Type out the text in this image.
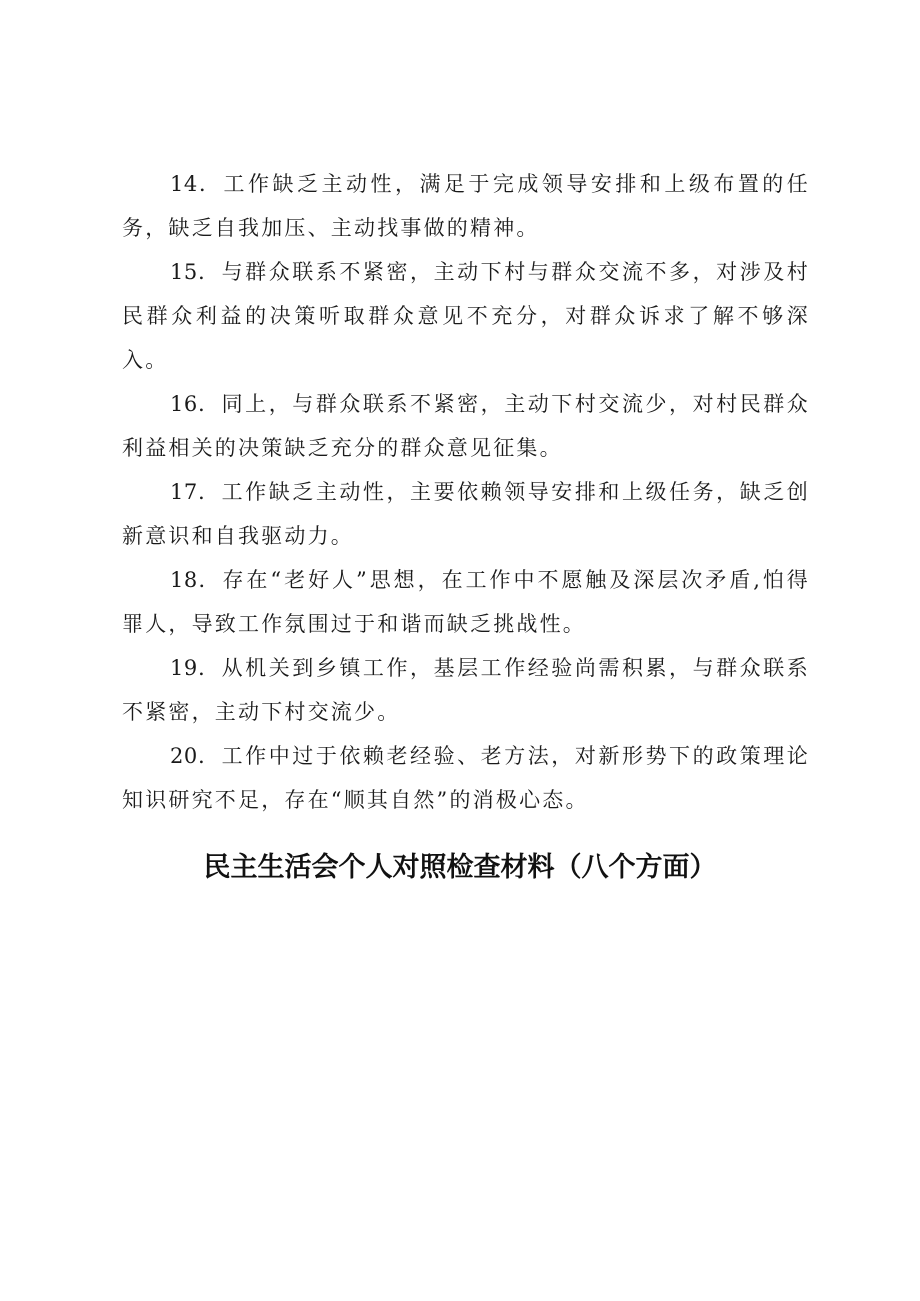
14．工作缺乏主动性，满足于完成领导安排和上级布置的任务，缺乏自我加压、主动找事做的精神。

15．与群众联系不紧密，主动下村与群众交流不多，对涉及村民群众利益的决策听取群众意见不充分，对群众诉求了解不够深入。

16．同上，与群众联系不紧密，主动下村交流少，对村民群众利益相关的决策缺乏充分的群众意见征集。

17．工作缺乏主动性，主要依赖领导安排和上级任务，缺乏创新意识和自我驱动力。

18．存在“老好人”思想，在工作中不愿触及深层次矛盾,怕得罪人，导致工作氛围过于和谐而缺乏挑战性。

19．从机关到乡镇工作，基层工作经验尚需积累，与群众联系不紧密，主动下村交流少。

20．工作中过于依赖老经验、老方法，对新形势下的政策理论知识研究不足，存在“顺其自然”的消极心态。

民主生活会个人对照检查材料（八个方面）
